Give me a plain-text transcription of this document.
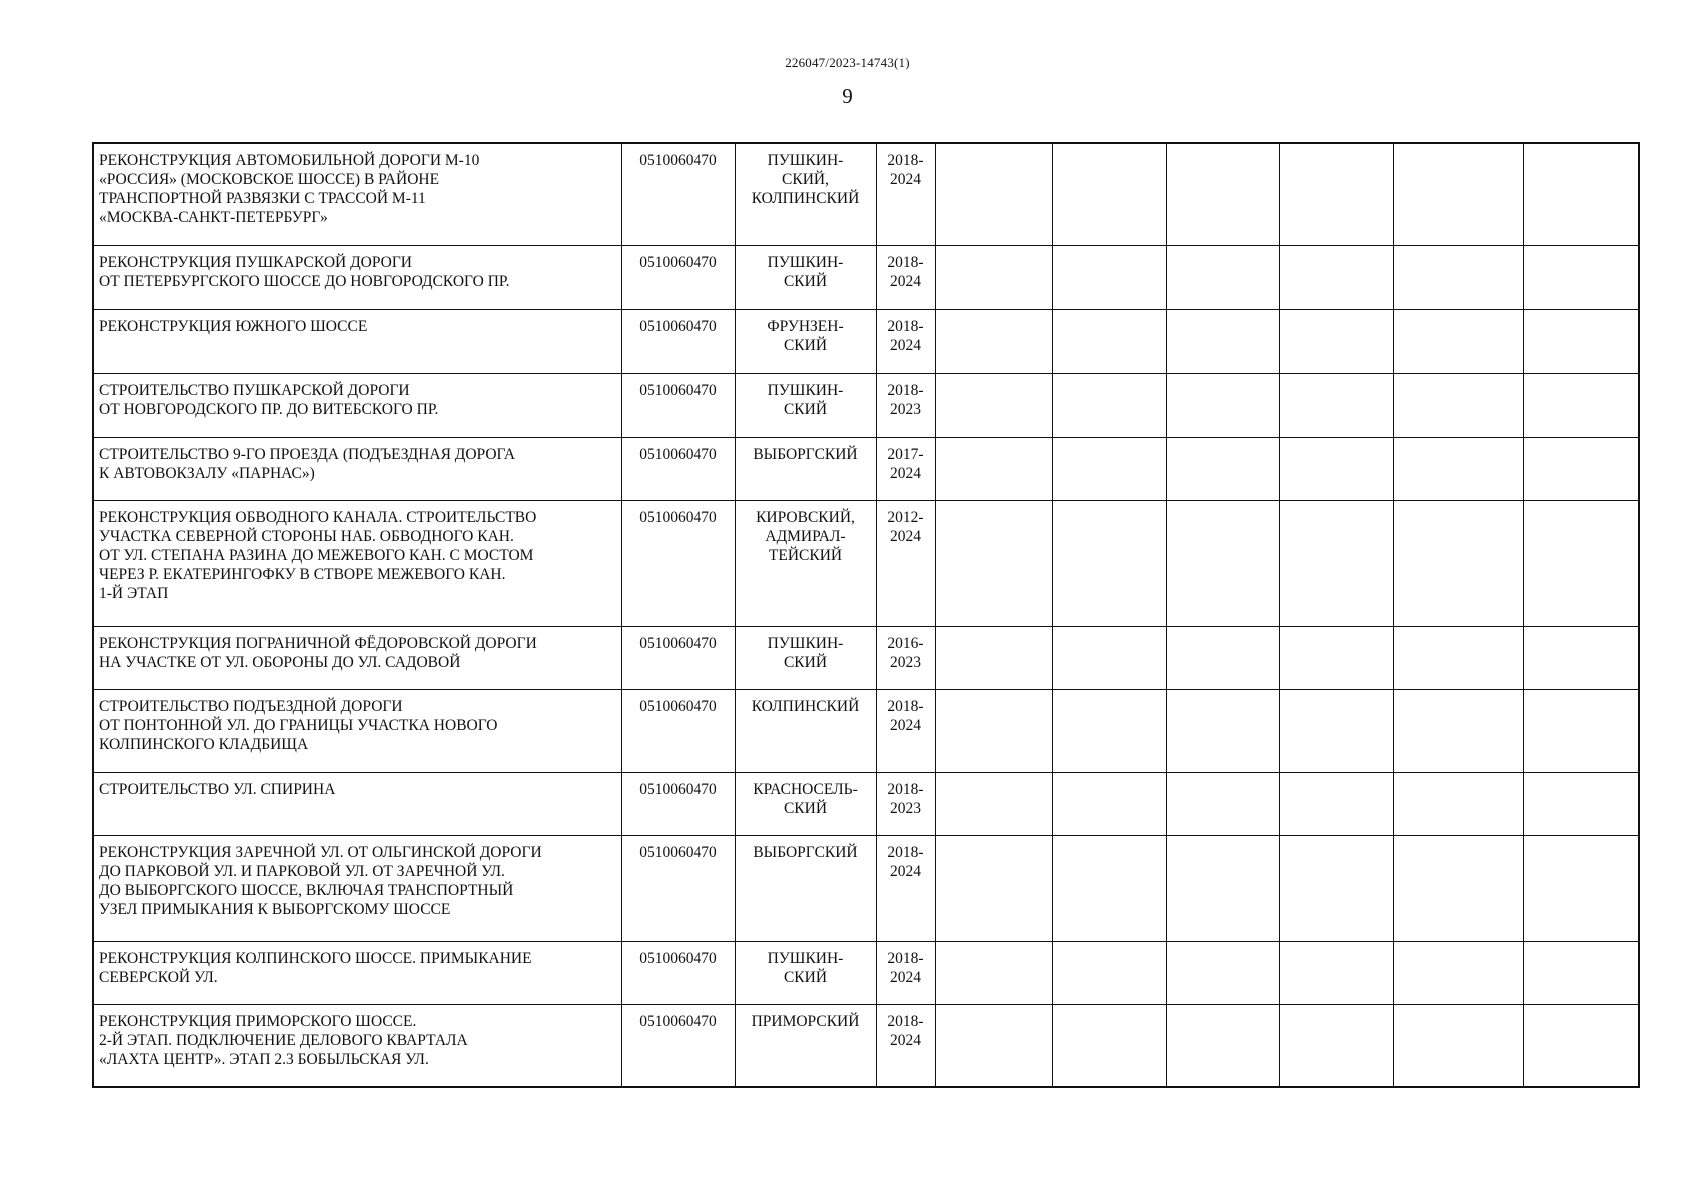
226047/2023-14743(1)
9
РЕКОНСТРУКЦИЯ АВТОМОБИЛЬНОЙ ДОРОГИ М-10
«РОССИЯ» (МОСКОВСКОЕ ШОССЕ) В РАЙОНЕ
ТРАНСПОРТНОЙ РАЗВЯЗКИ С ТРАССОЙ М-11
«МОСКВА-САНКТ-ПЕТЕРБУРГ»	0510060470	ПУШКИН-
СКИЙ,
КОЛПИНСКИЙ	2018-
2024						

РЕКОНСТРУКЦИЯ ПУШКАРСКОЙ ДОРОГИ
ОТ ПЕТЕРБУРГСКОГО ШОССЕ ДО НОВГОРОДСКОГО ПР.	0510060470	ПУШКИН-
СКИЙ	2018-
2024						

РЕКОНСТРУКЦИЯ ЮЖНОГО ШОССЕ	0510060470	ФРУНЗЕН-
СКИЙ	2018-
2024						

СТРОИТЕЛЬСТВО ПУШКАРСКОЙ ДОРОГИ
ОТ НОВГОРОДСКОГО ПР. ДО ВИТЕБСКОГО ПР.	0510060470	ПУШКИН-
СКИЙ	2018-
2023						

СТРОИТЕЛЬСТВО 9-ГО ПРОЕЗДА (ПОДЪЕЗДНАЯ ДОРОГА
К АВТОВОКЗАЛУ «ПАРНАС»)	0510060470	ВЫБОРГСКИЙ	2017-
2024						

РЕКОНСТРУКЦИЯ ОБВОДНОГО КАНАЛА. СТРОИТЕЛЬСТВО
УЧАСТКА СЕВЕРНОЙ СТОРОНЫ НАБ. ОБВОДНОГО КАН.
ОТ УЛ. СТЕПАНА РАЗИНА ДО МЕЖЕВОГО КАН. С МОСТОМ
ЧЕРЕЗ Р. ЕКАТЕРИНГОФКУ В СТВОРЕ МЕЖЕВОГО КАН.
1-Й ЭТАП	0510060470	КИРОВСКИЙ,
АДМИРАЛ-
ТЕЙСКИЙ	2012-
2024						

РЕКОНСТРУКЦИЯ ПОГРАНИЧНОЙ ФЁДОРОВСКОЙ ДОРОГИ
НА УЧАСТКЕ ОТ УЛ. ОБОРОНЫ ДО УЛ. САДОВОЙ	0510060470	ПУШКИН-
СКИЙ	2016-
2023						

СТРОИТЕЛЬСТВО ПОДЪЕЗДНОЙ ДОРОГИ
ОТ ПОНТОННОЙ УЛ. ДО ГРАНИЦЫ УЧАСТКА НОВОГО
КОЛПИНСКОГО КЛАДБИЩА	0510060470	КОЛПИНСКИЙ	2018-
2024						

СТРОИТЕЛЬСТВО УЛ. СПИРИНА	0510060470	КРАСНОСЕЛЬ-
СКИЙ	2018-
2023						

РЕКОНСТРУКЦИЯ ЗАРЕЧНОЙ УЛ. ОТ ОЛЬГИНСКОЙ ДОРОГИ
ДО ПАРКОВОЙ УЛ. И ПАРКОВОЙ УЛ. ОТ ЗАРЕЧНОЙ УЛ.
ДО ВЫБОРГСКОГО ШОССЕ, ВКЛЮЧАЯ ТРАНСПОРТНЫЙ
УЗЕЛ ПРИМЫКАНИЯ К ВЫБОРГСКОМУ ШОССЕ	0510060470	ВЫБОРГСКИЙ	2018-
2024						

РЕКОНСТРУКЦИЯ КОЛПИНСКОГО ШОССЕ. ПРИМЫКАНИЕ
СЕВЕРСКОЙ УЛ.	0510060470	ПУШКИН-
СКИЙ	2018-
2024						

РЕКОНСТРУКЦИЯ ПРИМОРСКОГО ШОССЕ.
2-Й ЭТАП. ПОДКЛЮЧЕНИЕ ДЕЛОВОГО КВАРТАЛА
«ЛАХТА ЦЕНТР». ЭТАП 2.3 БОБЫЛЬСКАЯ УЛ.	0510060470	ПРИМОРСКИЙ	2018-
2024						
